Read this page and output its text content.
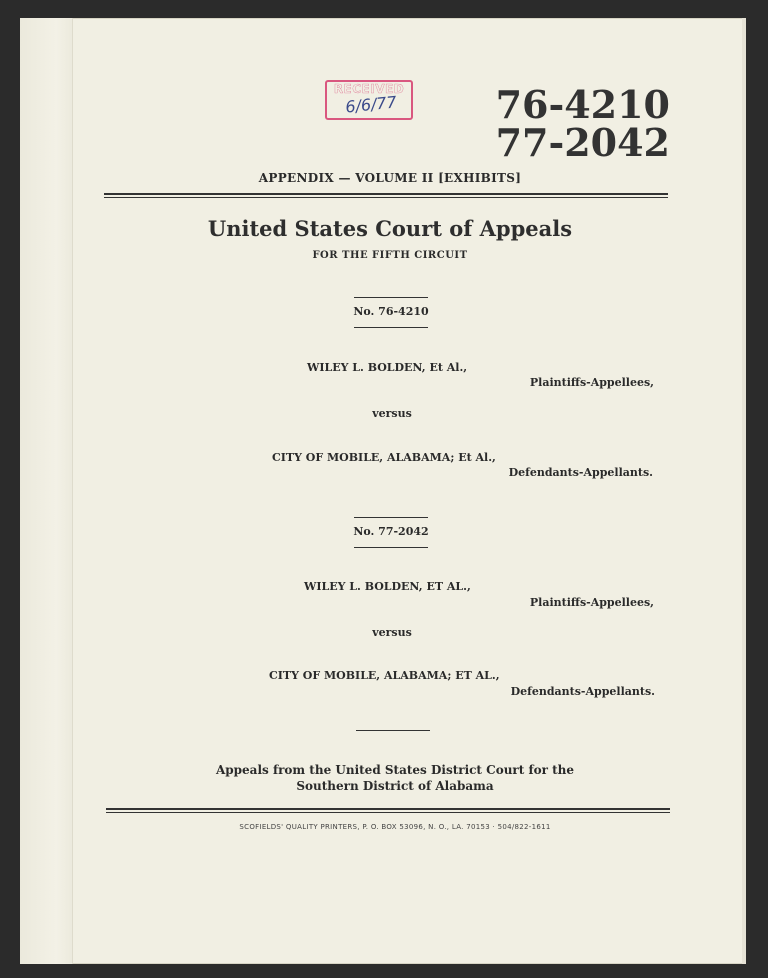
RECEIVED
6/6/77	76-4210
77-2042
APPENDIX — VOLUME II [EXHIBITS]
United States Court of Appeals
FOR THE FIFTH CIRCUIT
No. 76-4210
WILEY L. BOLDEN, Et Al.,
Plaintiffs-Appellees,
versus
CITY OF MOBILE, ALABAMA; Et Al.,
Defendants-Appellants.
No. 77-2042
WILEY L. BOLDEN, ET AL.,
Plaintiffs-Appellees,
versus
CITY OF MOBILE, ALABAMA; ET AL.,
Defendants-Appellants.
Appeals from the United States District Court for the
Southern District of Alabama
SCOFIELDS' QUALITY PRINTERS, P. O. BOX 53096, N. O., LA. 70153 · 504/822-1611
